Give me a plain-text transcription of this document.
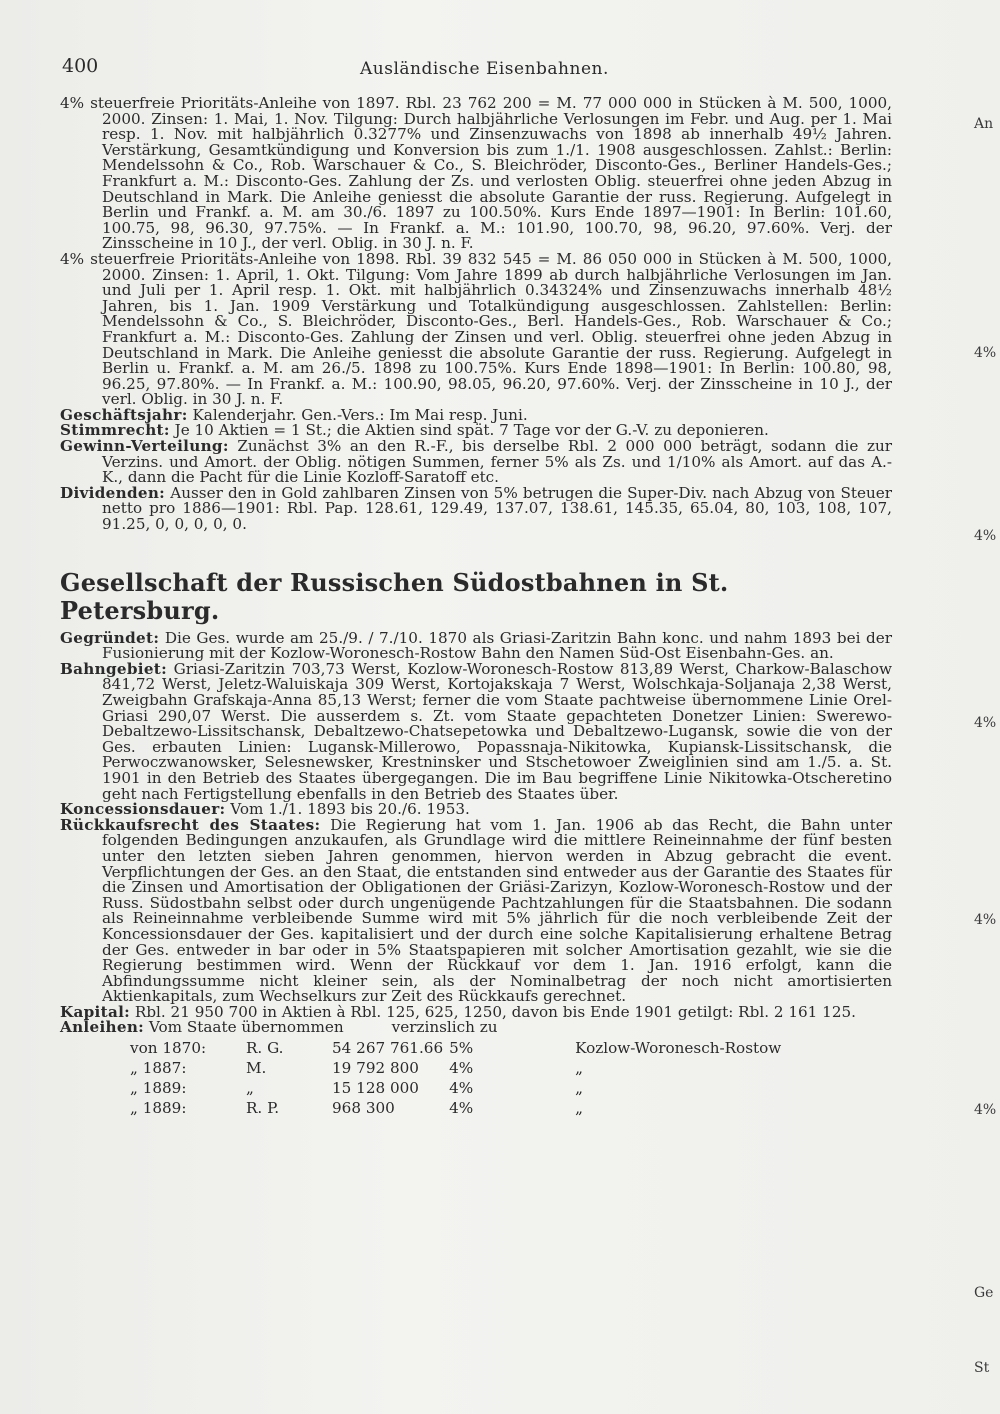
400	Ausländische Eisenbahnen.

4% steuerfreie Prioritäts-Anleihe von 1897. Rbl. 23 762 200 = M. 77 000 000 in Stücken à M. 500, 1000, 2000. Zinsen: 1. Mai, 1. Nov. Tilgung: Durch halbjährliche Verlosungen im Febr. und Aug. per 1. Mai resp. 1. Nov. mit halbjährlich 0.3277% und Zinsenzuwachs von 1898 ab innerhalb 49½ Jahren. Verstärkung, Gesamtkündigung und Konversion bis zum 1./1. 1908 ausgeschlossen. Zahlst.: Berlin: Mendelssohn & Co., Rob. Warschauer & Co., S. Bleichröder, Disconto-Ges., Berliner Handels-Ges.; Frankfurt a. M.: Disconto-Ges. Zahlung der Zs. und verlosten Oblig. steuerfrei ohne jeden Abzug in Deutschland in Mark. Die Anleihe geniesst die absolute Garantie der russ. Regierung. Aufgelegt in Berlin und Frankf. a. M. am 30./6. 1897 zu 100.50%. Kurs Ende 1897—1901: In Berlin: 101.60, 100.75, 98, 96.30, 97.75%. — In Frankf. a. M.: 101.90, 100.70, 98, 96.20, 97.60%. Verj. der Zinsscheine in 10 J., der verl. Oblig. in 30 J. n. F.

4% steuerfreie Prioritäts-Anleihe von 1898. Rbl. 39 832 545 = M. 86 050 000 in Stücken à M. 500, 1000, 2000. Zinsen: 1. April, 1. Okt. Tilgung: Vom Jahre 1899 ab durch halbjährliche Verlosungen im Jan. und Juli per 1. April resp. 1. Okt. mit halbjährlich 0.34324% und Zinsenzuwachs innerhalb 48½ Jahren, bis 1. Jan. 1909 Verstärkung und Totalkündigung ausgeschlossen. Zahlstellen: Berlin: Mendelssohn & Co., S. Bleichröder, Disconto-Ges., Berl. Handels-Ges., Rob. Warschauer & Co.; Frankfurt a. M.: Disconto-Ges. Zahlung der Zinsen und verl. Oblig. steuerfrei ohne jeden Abzug in Deutschland in Mark. Die Anleihe geniesst die absolute Garantie der russ. Regierung. Aufgelegt in Berlin u. Frankf. a. M. am 26./5. 1898 zu 100.75%. Kurs Ende 1898—1901: In Berlin: 100.80, 98, 96.25, 97.80%. — In Frankf. a. M.: 100.90, 98.05, 96.20, 97.60%. Verj. der Zinsscheine in 10 J., der verl. Oblig. in 30 J. n. F.

Geschäftsjahr: Kalenderjahr. Gen.-Vers.: Im Mai resp. Juni.

Stimmrecht: Je 10 Aktien = 1 St.; die Aktien sind spät. 7 Tage vor der G.-V. zu deponieren.

Gewinn-Verteilung: Zunächst 3% an den R.-F., bis derselbe Rbl. 2 000 000 beträgt, sodann die zur Verzins. und Amort. der Oblig. nötigen Summen, ferner 5% als Zs. und 1/10% als Amort. auf das A.-K., dann die Pacht für die Linie Kozloff-Saratoff etc.

Dividenden: Ausser den in Gold zahlbaren Zinsen von 5% betrugen die Super-Div. nach Abzug von Steuer netto pro 1886—1901: Rbl. Pap. 128.61, 129.49, 137.07, 138.61, 145.35, 65.04, 80, 103, 108, 107, 91.25, 0, 0, 0, 0, 0.

Gesellschaft der Russischen Südostbahnen in St. Petersburg.

Gegründet: Die Ges. wurde am 25./9. / 7./10. 1870 als Griasi-Zaritzin Bahn konc. und nahm 1893 bei der Fusionierung mit der Kozlow-Woronesch-Rostow Bahn den Namen Süd-Ost Eisenbahn-Ges. an.

Bahngebiet: Griasi-Zaritzin 703,73 Werst, Kozlow-Woronesch-Rostow 813,89 Werst, Charkow-Balaschow 841,72 Werst, Jeletz-Waluiskaja 309 Werst, Kortojakskaja 7 Werst, Wolschkaja-Soljanaja 2,38 Werst, Zweigbahn Grafskaja-Anna 85,13 Werst; ferner die vom Staate pachtweise übernommene Linie Orel-Griasi 290,07 Werst. Die ausserdem s. Zt. vom Staate gepachteten Donetzer Linien: Swerewo-Debaltzewo-Lissitschansk, Debaltzewo-Chatsepetowka und Debaltzewo-Lugansk, sowie die von der Ges. erbauten Linien: Lugansk-Millerowo, Popassnaja-Nikitowka, Kupiansk-Lissitschansk, die Perwoczwanowsker, Selesnewsker, Krestninsker und Stschetowoer Zweiglinien sind am 1./5. a. St. 1901 in den Betrieb des Staates übergegangen. Die im Bau begriffene Linie Nikitowka-Otscheretino geht nach Fertigstellung ebenfalls in den Betrieb des Staates über.

Koncessionsdauer: Vom 1./1. 1893 bis 20./6. 1953.

Rückkaufsrecht des Staates: Die Regierung hat vom 1. Jan. 1906 ab das Recht, die Bahn unter folgenden Bedingungen anzukaufen, als Grundlage wird die mittlere Reineinnahme der fünf besten unter den letzten sieben Jahren genommen, hiervon werden in Abzug gebracht die event. Verpflichtungen der Ges. an den Staat, die entstanden sind entweder aus der Garantie des Staates für die Zinsen und Amortisation der Obligationen der Griäsi-Zarizyn, Kozlow-Woronesch-Rostow und der Russ. Südostbahn selbst oder durch ungenügende Pachtzahlungen für die Staatsbahnen. Die sodann als Reineinnahme verbleibende Summe wird mit 5% jährlich für die noch verbleibende Zeit der Koncessionsdauer der Ges. kapitalisiert und der durch eine solche Kapitalisierung erhaltene Betrag der Ges. entweder in bar oder in 5% Staatspapieren mit solcher Amortisation gezahlt, wie sie die Regierung bestimmen wird. Wenn der Rückkauf vor dem 1. Jan. 1916 erfolgt, kann die Abfindungssumme nicht kleiner sein, als der Nominalbetrag der noch nicht amortisierten Aktienkapitals, zum Wechselkurs zur Zeit des Rückkaufs gerechnet.

Kapital: Rbl. 21 950 700 in Aktien à Rbl. 125, 625, 1250, davon bis Ende 1901 getilgt: Rbl. 2 161 125.

Anleihen: Vom Staate übernommen	verzinslich zu

von 1870:	R. G.	54 267 761.66	5%	Kozlow-Woronesch-Rostow
„ 1887:	M.	19 792 800	4%	„
„ 1889:	„	15 128 000	4%	„
„ 1889:	R. P.	968 300	4%	„
An
4%
4%
4%
4%
4%
Ge
St
